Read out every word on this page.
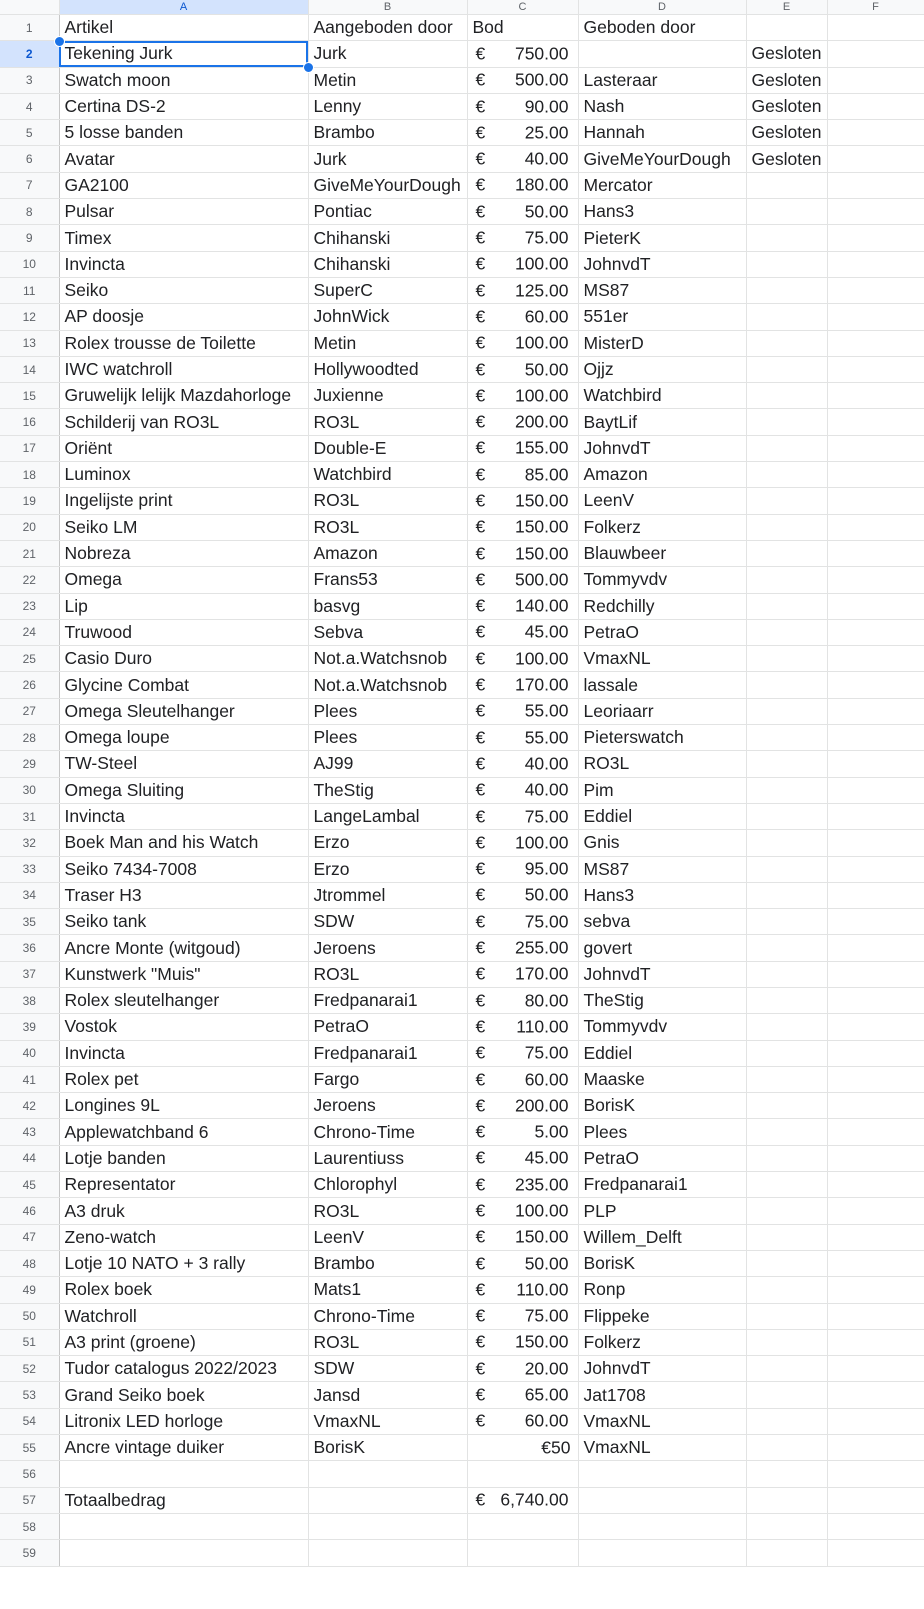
	A	B	C	D	E	F
1	Artikel	Aangeboden door	Bod	Geboden door		
2	Tekening Jurk	Jurk	€ 750.00		Gesloten	
3	Swatch moon	Metin	€ 500.00	Lasteraar	Gesloten	
4	Certina DS-2	Lenny	€ 90.00	Nash	Gesloten	
5	5 losse banden	Brambo	€ 25.00	Hannah	Gesloten	
6	Avatar	Jurk	€ 40.00	GiveMeYourDough	Gesloten	
7	GA2100	GiveMeYourDough	€ 180.00	Mercator		
8	Pulsar	Pontiac	€ 50.00	Hans3		
9	Timex	Chihanski	€ 75.00	PieterK		
10	Invincta	Chihanski	€ 100.00	JohnvdT		
11	Seiko	SuperC	€ 125.00	MS87		
12	AP doosje	JohnWick	€ 60.00	551er		
13	Rolex trousse de Toilette	Metin	€ 100.00	MisterD		
14	IWC watchroll	Hollywoodted	€ 50.00	Ojjz		
15	Gruwelijk lelijk Mazdahorloge	Juxienne	€ 100.00	Watchbird		
16	Schilderij van RO3L	RO3L	€ 200.00	BaytLif		
17	Oriënt	Double-E	€ 155.00	JohnvdT		
18	Luminox	Watchbird	€ 85.00	Amazon		
19	Ingelijste print	RO3L	€ 150.00	LeenV		
20	Seiko LM	RO3L	€ 150.00	Folkerz		
21	Nobreza	Amazon	€ 150.00	Blauwbeer		
22	Omega	Frans53	€ 500.00	Tommyvdv		
23	Lip	basvg	€ 140.00	Redchilly		
24	Truwood	Sebva	€ 45.00	PetraO		
25	Casio Duro	Not.a.Watchsnob	€ 100.00	VmaxNL		
26	Glycine Combat	Not.a.Watchsnob	€ 170.00	lassale		
27	Omega Sleutelhanger	Plees	€ 55.00	Leoriaarr		
28	Omega loupe	Plees	€ 55.00	Pieterswatch		
29	TW-Steel	AJ99	€ 40.00	RO3L		
30	Omega Sluiting	TheStig	€ 40.00	Pim		
31	Invincta	LangeLambal	€ 75.00	Eddiel		
32	Boek Man and his Watch	Erzo	€ 100.00	Gnis		
33	Seiko 7434-7008	Erzo	€ 95.00	MS87		
34	Traser H3	Jtrommel	€ 50.00	Hans3		
35	Seiko tank	SDW	€ 75.00	sebva		
36	Ancre Monte (witgoud)	Jeroens	€ 255.00	govert		
37	Kunstwerk "Muis"	RO3L	€ 170.00	JohnvdT		
38	Rolex sleutelhanger	Fredpanarai1	€ 80.00	TheStig		
39	Vostok	PetraO	€ 110.00	Tommyvdv		
40	Invincta	Fredpanarai1	€ 75.00	Eddiel		
41	Rolex pet	Fargo	€ 60.00	Maaske		
42	Longines 9L	Jeroens	€ 200.00	BorisK		
43	Applewatchband 6	Chrono-Time	€ 5.00	Plees		
44	Lotje banden	Laurentiuss	€ 45.00	PetraO		
45	Representator	Chlorophyl	€ 235.00	Fredpanarai1		
46	A3 druk	RO3L	€ 100.00	PLP		
47	Zeno-watch	LeenV	€ 150.00	Willem_Delft		
48	Lotje 10 NATO + 3 rally	Brambo	€ 50.00	BorisK		
49	Rolex boek	Mats1	€ 110.00	Ronp		
50	Watchroll	Chrono-Time	€ 75.00	Flippeke		
51	A3 print (groene)	RO3L	€ 150.00	Folkerz		
52	Tudor catalogus 2022/2023	SDW	€ 20.00	JohnvdT		
53	Grand Seiko boek	Jansd	€ 65.00	Jat1708		
54	Litronix LED horloge	VmaxNL	€ 60.00	VmaxNL		
55	Ancre vintage duiker	BorisK	€50	VmaxNL		
56						
57	Totaalbedrag		€ 6,740.00			

58						
59						
